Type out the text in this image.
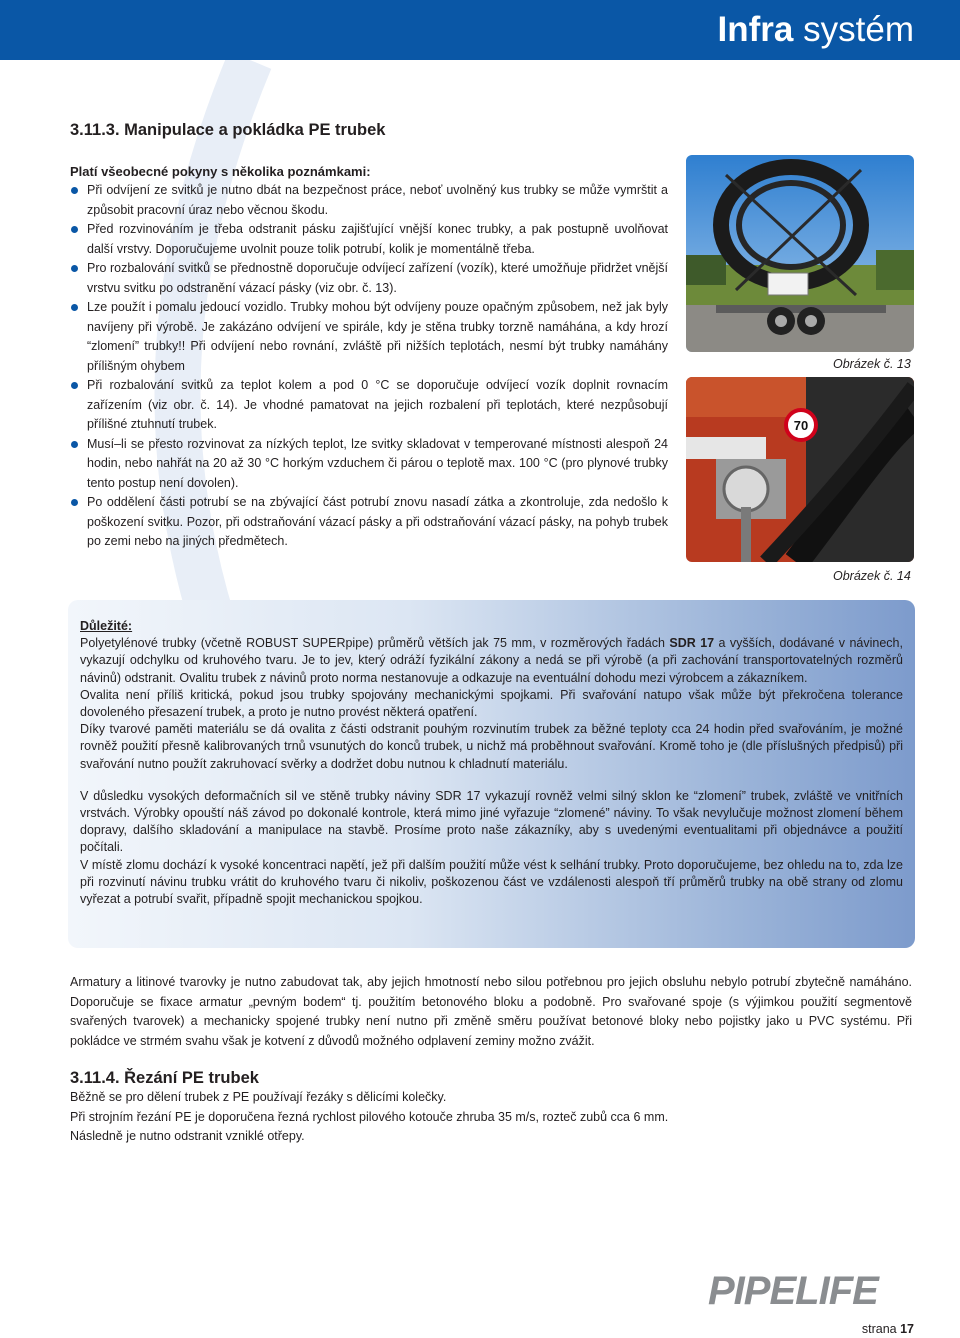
Infra systém
3.11.3. Manipulace a pokládka PE trubek
Platí všeobecné pokyny s několika poznámkami:
Při odvíjení ze svitků je nutno dbát na bezpečnost práce, neboť uvolněný kus trubky se může vymrštit a způsobit pracovní úraz nebo věcnou škodu.
Před rozvinováním je třeba odstranit pásku zajišťující vnější konec trubky, a pak postupně uvolňovat další vrstvy. Doporučujeme uvolnit pouze tolik potrubí, kolik je momentálně třeba.
Pro rozbalování svitků se přednostně doporučuje odvíjecí zařízení (vozík), které umožňuje přidržet vnější vrstvu svitku po odstranění vázací pásky (viz obr. č. 13).
Lze použít i pomalu jedoucí vozidlo. Trubky mohou být odvíjeny pouze opačným způsobem, než jak byly navíjeny při výrobě. Je zakázáno odvíjení ve spirále, kdy je stěna trubky torzně namáhána, a kdy hrozí “zlomení” trubky!! Při odvíjení nebo rovnání, zvláště při nižších teplotách, nesmí být trubky namáhány přílišným ohybem
Při rozbalování svitků za teplot kolem a pod 0 °C se doporučuje odvíjecí vozík doplnit rovnacím zařízením (viz obr. č. 14). Je vhodné pamatovat na jejich rozbalení při teplotách, které nezpůsobují přílišné ztuhnutí trubek.
Musí–li se přesto rozvinovat za nízkých teplot, lze svitky skladovat v temperované místnosti alespoň 24 hodin, nebo nahřát na 20 až 30 °C horkým vzduchem či párou o teplotě max. 100 °C (pro plynové trubky tento postup není dovolen).
Po oddělení části potrubí se na zbývající část potrubí znovu nasadí zátka a zkontroluje, zda nedošlo k poškození svitku. Pozor, při odstraňování vázací pásky a při odstraňování vázací pásky, na pohyb trubek po zemi nebo na jiných předmětech.
Obrázek č. 13
70
Obrázek č. 14

Důležité:

Polyetylénové trubky (včetně ROBUST SUPERpipe) průměrů větších jak 75 mm, v rozměrových řadách SDR 17 a vyšších, dodávané v návinech, vykazují odchylku od kruhového tvaru. Je to jev, který odráží fyzikální zákony a nedá se při výrobě (a při zachování transportovatelných rozměrů návinů) odstranit. Ovalitu trubek z návinů proto norma nestanovuje a odkazuje na eventuální dohodu mezi výrobcem a zákazníkem.

Ovalita není příliš kritická, pokud jsou trubky spojovány mechanickými spojkami. Při svařování natupo však může být překročena tolerance dovoleného přesazení trubek, a proto je nutno provést některá opatření.

Díky tvarové paměti materiálu se dá ovalita z části odstranit pouhým rozvinutím trubek za běžné teploty cca 24 hodin před svařováním, je možné rovněž použití přesně kalibrovaných trnů vsunutých do konců trubek, u nichž má proběhnout svařování. Kromě toho je (dle příslušných předpisů) při svařování nutno použít zakruhovací svěrky a dodržet dobu nutnou k chladnutí materiálu.

V důsledku vysokých deformačních sil ve stěně trubky náviny SDR 17 vykazují rovněž velmi silný sklon ke “zlomení” trubek, zvláště ve vnitřních vrstvách. Výrobky opouští náš závod po dokonalé kontrole, která mimo jiné vyřazuje “zlomené” náviny. To však nevylučuje možnost zlomení během dopravy, dalšího skladování a manipulace na stavbě. Prosíme proto naše zákazníky, aby s uvedenými eventualitami při objednávce a použití počítali.

V místě zlomu dochází k vysoké koncentraci napětí, jež při dalším použití může vést k selhání trubky. Proto doporučujeme, bez ohledu na to, zda lze při rozvinutí návinu trubku vrátit do kruhového tvaru či nikoliv, poškozenou část ve vzdálenosti alespoň tří průměrů trubky na obě strany od zlomu vyřezat a potrubí svařit, případně spojit mechanickou spojkou.

Armatury a litinové tvarovky je nutno zabudovat tak, aby jejich hmotností nebo silou potřebnou pro jejich obsluhu nebylo potrubí zbytečně namáháno. Doporučuje se fixace armatur „pevným bodem“ tj. použitím betonového bloku a podobně. Pro svařované spoje (s výjimkou použití segmentově svařených tvarovek) a mechanicky spojené trubky není nutno při změně směru používat betonové bloky nebo pojistky jako u PVC systému. Při pokládce ve strmém svahu však je kotvení z důvodů možného odplavení zeminy možno zvážit.

3.11.4. Řezání PE trubek

Běžně se pro dělení trubek z PE používají řezáky s dělicími kolečky.

Při strojním řezání PE je doporučena řezná rychlost pilového kotouče zhruba 35 m/s, rozteč zubů cca 6 mm.

Následně je nutno odstranit vzniklé otřepy.

PIPELIFE
strana 17
